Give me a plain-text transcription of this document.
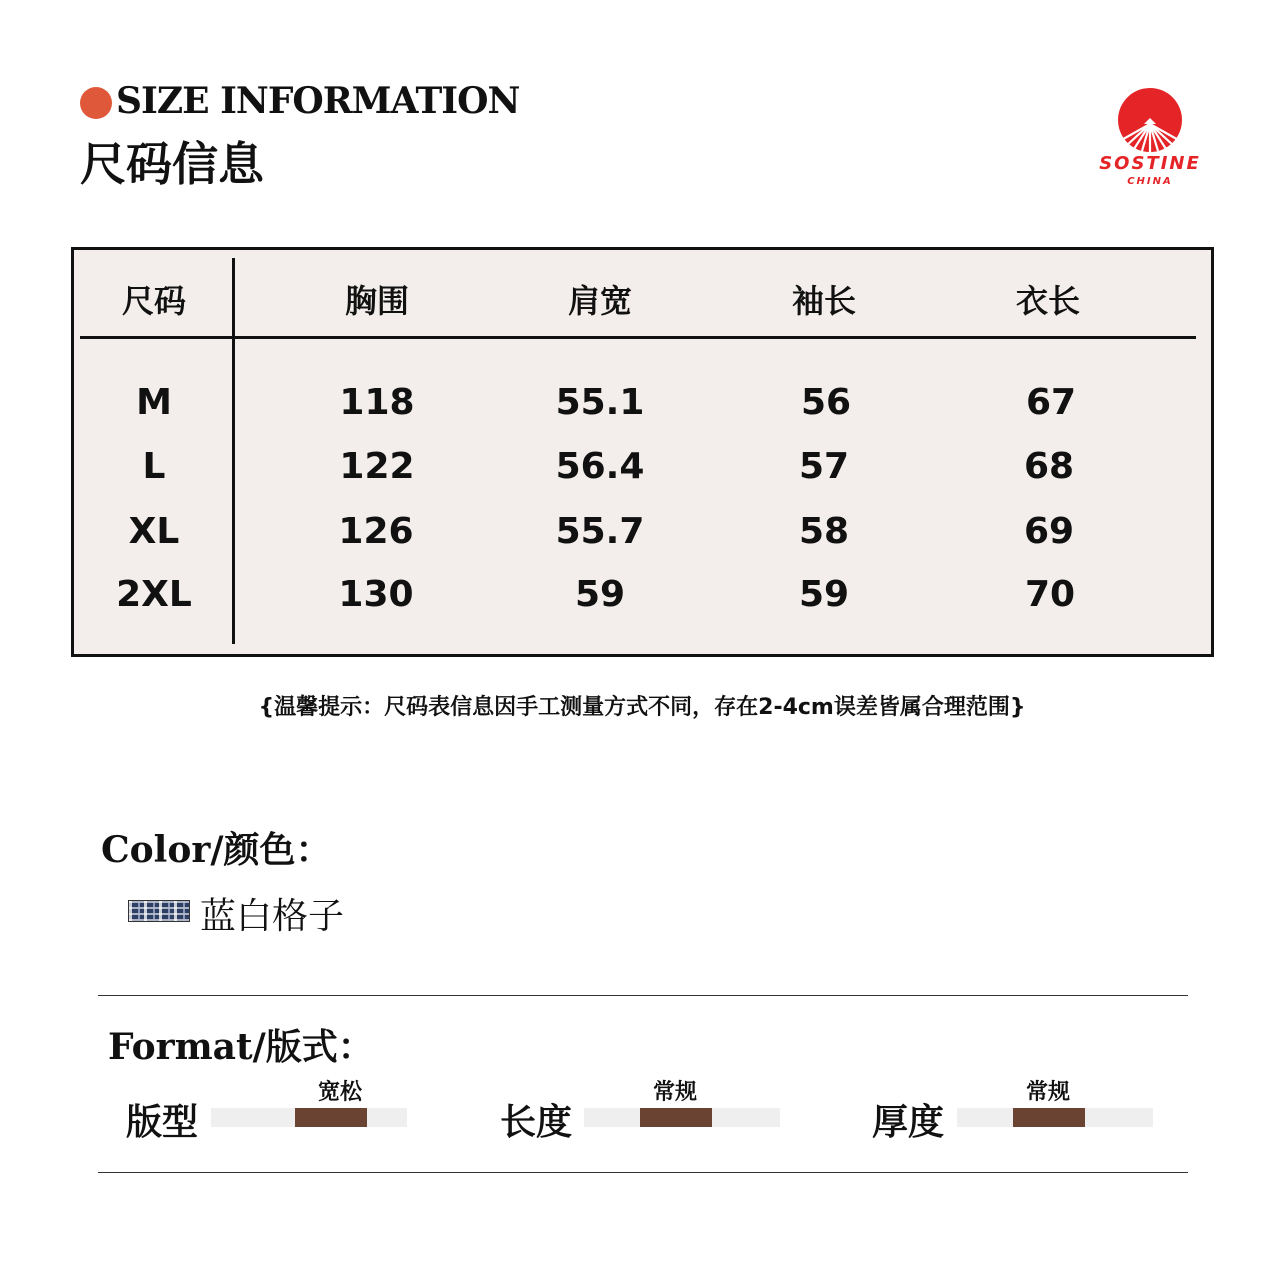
SIZE INFORMATION
尺码信息	SOSTINE
CHINA
尺码	胸围	肩宽	袖长	衣长
M	118	55.1	56	67
L	122	56.4	57	68
XL	126	55.7	58	69
2XL	130	59	59	70
{温馨提示：尺码表信息因手工测量方式不同，存在2-4cm误差皆属合理范围}
Color/颜色：
蓝白格子
Format/版式：
版型
宽松
长度
常规
厚度
常规
